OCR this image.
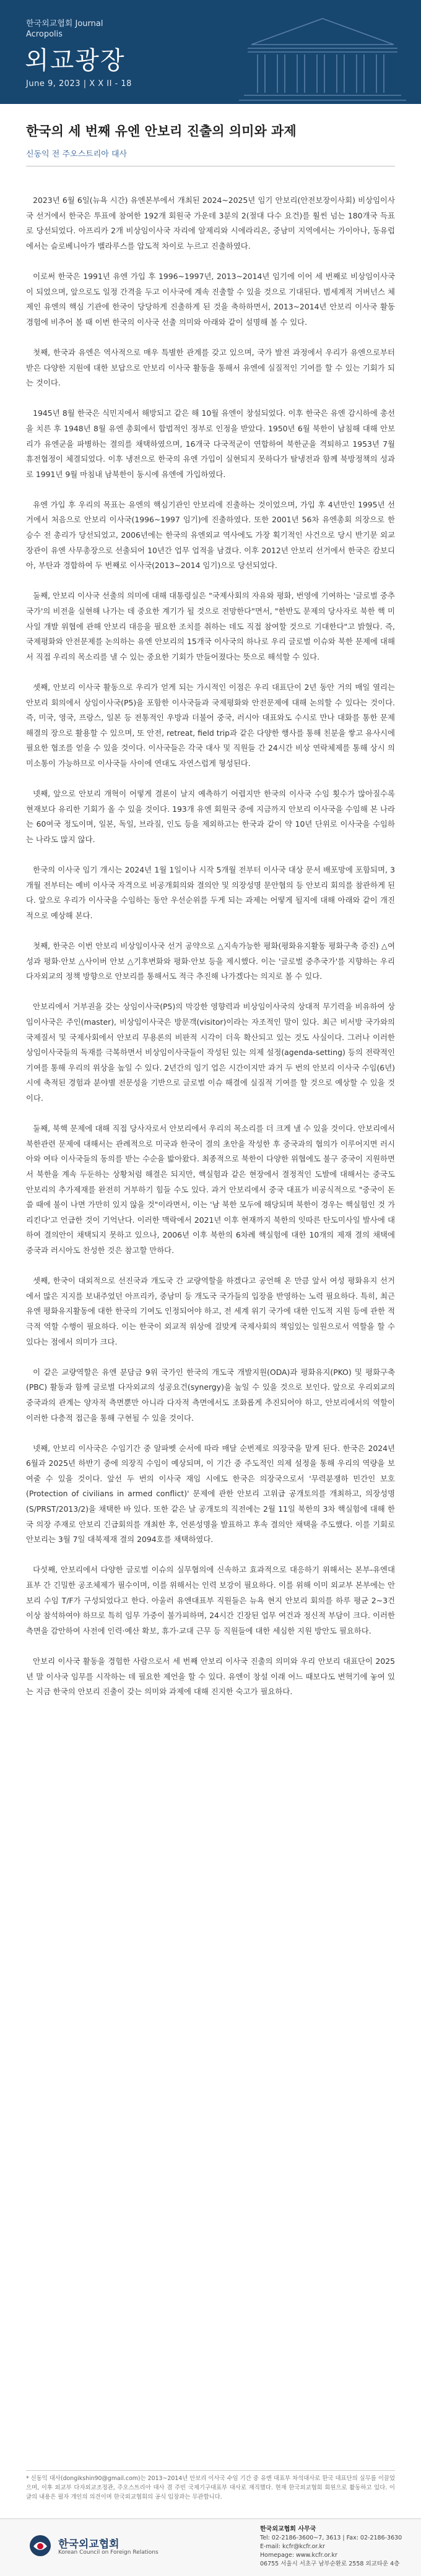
한국외교협회 Journal
Acropolis
외교광장
June 9, 2023 | X X II - 18
한국의 세 번째 유엔 안보리 진출의 의미와 과제
신동익 전 주오스트리아 대사

2023년 6월 6일(뉴욕 시간) 유엔본부에서 개최된 2024~2025년 임기 안보리(안전보장이사회) 비상임이사국 선거에서 한국은 투표에 참여한 192개 회원국 가운데 3분의 2(절대 다수 요건)를 훨씬 넘는 180개국 득표로 당선되었다. 아프리카 2개 비상임이사국 자리에 알제리와 시에라리온, 중남미 지역에서는 가이아나, 동유럽에서는 슬로베니아가 벨라루스를 압도적 차이로 누르고 진출하였다.

이로써 한국은 1991년 유엔 가입 후 1996~1997년, 2013~2014년 임기에 이어 세 번째로 비상임이사국이 되었으며, 앞으로도 일정 간격을 두고 이사국에 계속 진출할 수 있을 것으로 기대된다. 범세계적 거버넌스 체제인 유엔의 핵심 기관에 한국이 당당하게 진출하게 된 것을 축하하면서, 2013~2014년 안보리 이사국 활동 경험에 비추어 볼 때 이번 한국의 이사국 선출 의미와 아래와 같이 설명해 볼 수 있다.

첫째, 한국과 유엔은 역사적으로 매우 특별한 관계를 갖고 있으며, 국가 발전 과정에서 우리가 유엔으로부터 받은 다양한 지원에 대한 보답으로 안보리 이사국 활동을 통해서 유엔에 실질적인 기여를 할 수 있는 기회가 되는 것이다.

1945년 8월 한국은 식민지에서 해방되고 같은 해 10월 유엔이 창설되었다. 이후 한국은 유엔 감시하에 총선을 치른 후 1948년 8월 유엔 총회에서 합법적인 정부로 인정을 받았다. 1950년 6월 북한이 남침해 대해 안보리가 유엔군을 파병하는 결의를 채택하였으며, 16개국 다국적군이 연합하여 북한군을 격퇴하고 1953년 7월 휴전협정이 체결되었다. 이후 냉전으로 한국의 유엔 가입이 실현되지 못하다가 탈냉전과 함께 북방정책의 성과로 1991년 9월 마침내 남북한이 동시에 유엔에 가입하였다.

유엔 가입 후 우리의 목표는 유엔의 핵심기관인 안보리에 진출하는 것이었으며, 가입 후 4년만인 1995년 선거에서 처음으로 안보리 이사국(1996~1997 임기)에 진출하였다. 또한 2001년 56차 유엔총회 의장으로 한승수 전 총리가 당선되었고, 2006년에는 한국의 유엔외교 역사에도 가장 획기적인 사건으로 당시 반기문 외교장관이 유엔 사무총장으로 선출되어 10년간 업무 업적을 남겼다. 이후 2012년 안보리 선거에서 한국은 캄보디아, 부탄과 경합하여 두 번째로 이사국(2013~2014 임기)으로 당선되었다.

둘째, 안보리 이사국 선출의 의미에 대해 대통령실은 "국제사회의 자유와 평화, 번영에 기여하는 '글로벌 중추국가'의 비전을 실현해 나가는 데 중요한 계기가 될 것으로 전망한다"면서, "한반도 문제의 당사자로 북한 핵 미사일 개발 위협에 관해 안보리 대응을 필요한 조치를 취하는 데도 직접 참여할 것으로 기대한다"고 밝혔다. 즉, 국제평화와 안전문제를 논의하는 유엔 안보리의 15개국 이사국의 하나로 우리 글로벌 이슈와 북한 문제에 대해서 직접 우리의 목소리를 낼 수 있는 중요한 기회가 만들어졌다는 뜻으로 해석할 수 있다.

셋째, 안보리 이사국 활동으로 우리가 얻게 되는 가시적인 이점은 우리 대표단이 2년 동안 거의 매일 열리는 안보리 회의에서 상임이사국(P5)을 포함한 이사국들과 국제평화와 안전문제에 대해 논의할 수 있다는 것이다. 즉, 미국, 영국, 프랑스, 일본 등 전통적인 우방과 더불어 중국, 러시아 대표와도 수시로 만나 대화를 통한 문제 해결의 장으로 활용할 수 있으며, 또 안전, retreat, field trip과 같은 다양한 행사를 통해 친분을 쌓고 유사시에 필요한 협조를 얻을 수 있을 것이다. 이사국들은 각국 대사 및 직원들 간 24시간 비상 연락체제를 통해 상시 의미소통이 가능하므로 이사국들 사이에 연대도 자연스럽게 형성된다.

넷째, 앞으로 안보리 개혁이 어떻게 결론이 날지 예측하기 어렵지만 한국의 이사국 수임 횟수가 많아질수록 현재보다 유리한 기회가 올 수 있을 것이다. 193개 유엔 회원국 중에 지금까지 안보리 이사국을 수임해 본 나라는 60여국 정도이며, 일본, 독일, 브라질, 인도 등을 제외하고는 한국과 같이 약 10년 단위로 이사국을 수임하는 나라도 많지 않다.

한국의 이사국 임기 개시는 2024년 1월 1일이나 시작 5개월 전부터 이사국 대상 문서 배포망에 포함되며, 3개월 전부터는 예비 이사국 자격으로 비공개회의와 결의안 및 의장성명 문안협의 등 안보리 회의를 참관하게 된다. 앞으로 우리가 이사국을 수임하는 동안 우선순위를 두게 되는 과제는 어떻게 될지에 대해 아래와 같이 개진적으로 예상해 본다.

첫째, 한국은 이번 안보리 비상임이사국 선거 공약으로 △지속가능한 평화(평화유지활동 평화구축 증진) △여성과 평화·안보 △사이버 안보 △기후변화와 평화·안보 등을 제시했다. 이는 '글로벌 중추국가'를 지향하는 우리 다자외교의 정책 방향으로 안보리를 통해서도 적극 추진해 나가겠다는 의지로 볼 수 있다.

안보리에서 거부권을 갖는 상임이사국(P5)의 막강한 영향력과 비상임이사국의 상대적 무기력을 비유하여 상임이사국은 주인(master), 비상임이사국은 방문객(visitor)이라는 자조적인 말이 있다. 최근 비서방 국가와의 국제질서 및 국제사회에서 안보리 무용론의 비판적 시각이 더욱 확산되고 있는 것도 사실이다. 그러나 이러한 상임이사국들의 독재를 극복하면서 비상임이사국들이 작성된 있는 의제 설정(agenda-setting) 등의 전략적인 기여를 통해 우리의 위상을 높일 수 있다. 2년간의 임기 업은 시간이지만 과거 두 번의 안보리 이사국 수임(6년) 시에 축적된 경험과 분야별 전문성을 기반으로 글로벌 이슈 해결에 실질적 기여를 할 것으로 예상할 수 있을 것이다.

둘째, 북핵 문제에 대해 직접 당사자로서 안보리에서 우리의 목소리를 더 크게 낼 수 있을 것이다. 안보리에서 북한관련 문제에 대해서는 관례적으로 미국과 한국이 결의 초안을 작성한 후 중국과의 협의가 이루어지면 러시아와 여타 이사국들의 동의를 받는 수순을 밟아왔다. 최종적으로 북한이 다양한 위협에도 불구 중국이 지원하면서 북한을 계속 두둔하는 상황처럼 해결은 되지만, 핵실험과 같은 현장에서 결정적인 도발에 대해서는 중국도 안보리의 추가제재를 완전히 거부하기 힘들 수도 있다. 과거 안보리에서 중국 대표가 비공식적으로 "중국이 돈 쓸 때에 불이 나면 가만히 있지 않을 것"이라면서, 이는 '남 북한 모두에 해당되며 북한이 경우는 핵실험인 것 가리킨다'고 언급한 것이 기억난다. 이러한 맥락에서 2021년 이후 현재까지 북한의 잇따른 탄도미사일 발사에 대하여 결의안이 채택되지 못하고 있으나, 2006년 이후 북한의 6차례 핵실험에 대한 10개의 제재 결의 채택에 중국과 러시아도 찬성한 것은 참고할 만하다.

셋째, 한국이 대외적으로 선진국과 개도국 간 교량역할을 하겠다고 공언해 온 만큼 앞서 여성 평화유지 선거에서 많은 지지를 보내주었던 아프리카, 중남미 등 개도국 국가들의 입장을 반영하는 노력 필요하다. 특히, 최근 유엔 평화유지활동에 대한 한국의 기여도 인정되어야 하고, 전 세계 위기 국가에 대한 인도적 지원 등에 관한 적극적 역할 수행이 필요하다. 이는 한국이 외교적 위상에 걸맞게 국제사회의 책임있는 일원으로서 역할을 할 수 있다는 점에서 의미가 크다.

이 같은 교량역할은 유엔 분담금 9위 국가인 한국의 개도국 개발지원(ODA)과 평화유지(PKO) 및 평화구축(PBC) 활동과 함께 글로벌 다자외교의 성공요건(synergy)을 높일 수 있을 것으로 보인다. 앞으로 우리외교의 중국과의 관계는 양자적 측면뿐만 아니라 다자적 측면에서도 조화롭게 추진되어야 하고, 안보리에서의 역할이 이러한 다층적 접근을 통해 구현될 수 있을 것이다.

넷째, 안보리 이사국은 수임기간 중 알파벳 순서에 따라 매달 순번제로 의장국을 맡게 된다. 한국은 2024년 6월과 2025년 하반기 중에 의장직 수임이 예상되며, 이 기간 중 주도적인 의제 설정을 통해 우리의 역량을 보여줄 수 있을 것이다. 앞선 두 번의 이사국 재임 시에도 한국은 의장국으로서 '무력분쟁하 민간인 보호(Protection of civilians in armed conflict)' 문제에 관한 안보리 고위급 공개토의를 개최하고, 의장성명(S/PRST/2013/2)을 채택한 바 있다. 또한 같은 날 공개토의 직전에는 2월 11일 북한의 3차 핵실험에 대해 한국 의장 주재로 안보리 긴급회의를 개최한 후, 언론성명을 발표하고 후속 결의안 채택을 주도했다. 이를 기회로 안보리는 3월 7일 대북제재 결의 2094호를 채택하였다.

다섯째, 안보리에서 다양한 글로벌 이슈의 실무협의에 신속하고 효과적으로 대응하기 위해서는 본부-유엔대표부 간 긴밀한 공조체제가 필수이며, 이를 위해서는 인력 보강이 필요하다. 이를 위해 이미 외교부 본부에는 안보리 수임 T/F가 구성되었다고 한다. 아울러 유엔대표부 직원들은 뉴욕 현지 안보리 회의를 하루 평균 2~3건 이상 참석하여야 하므로 특히 임무 가중이 불가피하며, 24시간 긴장된 업무 여건과 정신적 부담이 크다. 이러한 측면을 감안하여 사전에 인력·예산 확보, 휴가·교대 근무 등 직원들에 대한 세심한 지원 방안도 필요하다.

안보리 이사국 활동을 경험한 사람으로서 세 번째 안보리 이사국 진출의 의미와 우리 안보리 대표단이 2025년 말 이사국 임무를 시작하는 데 필요한 제언을 할 수 있다. 유엔이 창설 이래 어느 때보다도 변혁기에 놓여 있는 지금 한국의 안보리 진출이 갖는 의미와 과제에 대해 진지한 숙고가 필요하다.

* 신동익 대사(dongikshin90@gmail.com)는 2013~2014년 안보리 이사국 수임 기간 중 유엔 대표부 차석대사로 한국 대표단의 실무를 이끌었으며, 이후 외교부 다자외교조정관, 주오스트리아 대사 겸 주빈 국제기구대표부 대사로 재직했다. 현재 한국외교협회 회원으로 활동하고 있다. 이 글의 내용은 필자 개인의 의견이며 한국외교협회의 공식 입장과는 무관합니다.
한국외교협회
Korean Council on Foreign Relations
한국외교협회 사무국
Tel: 02-2186-3600~7, 3613 | Fax: 02-2186-3630
E-mail: kcfr@kcfr.or.kr
Homepage: www.kcfr.or.kr
06755 서울시 서초구 남부순환로 2558 외교타운 4층
